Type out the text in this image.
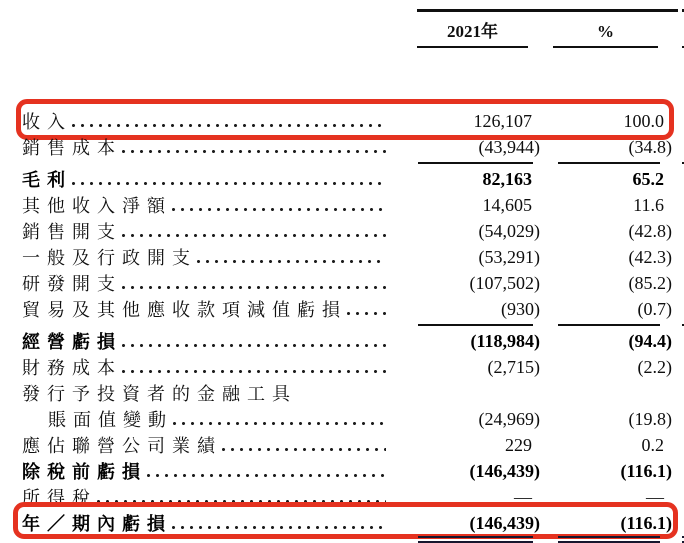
2021年	%
收入	126,107	100.0
銷售成本	(43,944)	(34.8)
毛利	82,163	65.2
其他收入淨額	14,605	11.6
銷售開支	(54,029)	(42.8)
一般及行政開支	(53,291)	(42.3)
研發開支	(107,502)	(85.2)
貿易及其他應收款項減值虧損	(930)	(0.7)
經營虧損	(118,984)	(94.4)
財務成本	(2,715)	(2.2)
發行予投資者的金融工具
賬面值變動	(24,969)	(19.8)
應佔聯營公司業績	229	0.2
除稅前虧損	(146,439)	(116.1)
所得稅	—	—
年／期內虧損	(146,439)	(116.1)
